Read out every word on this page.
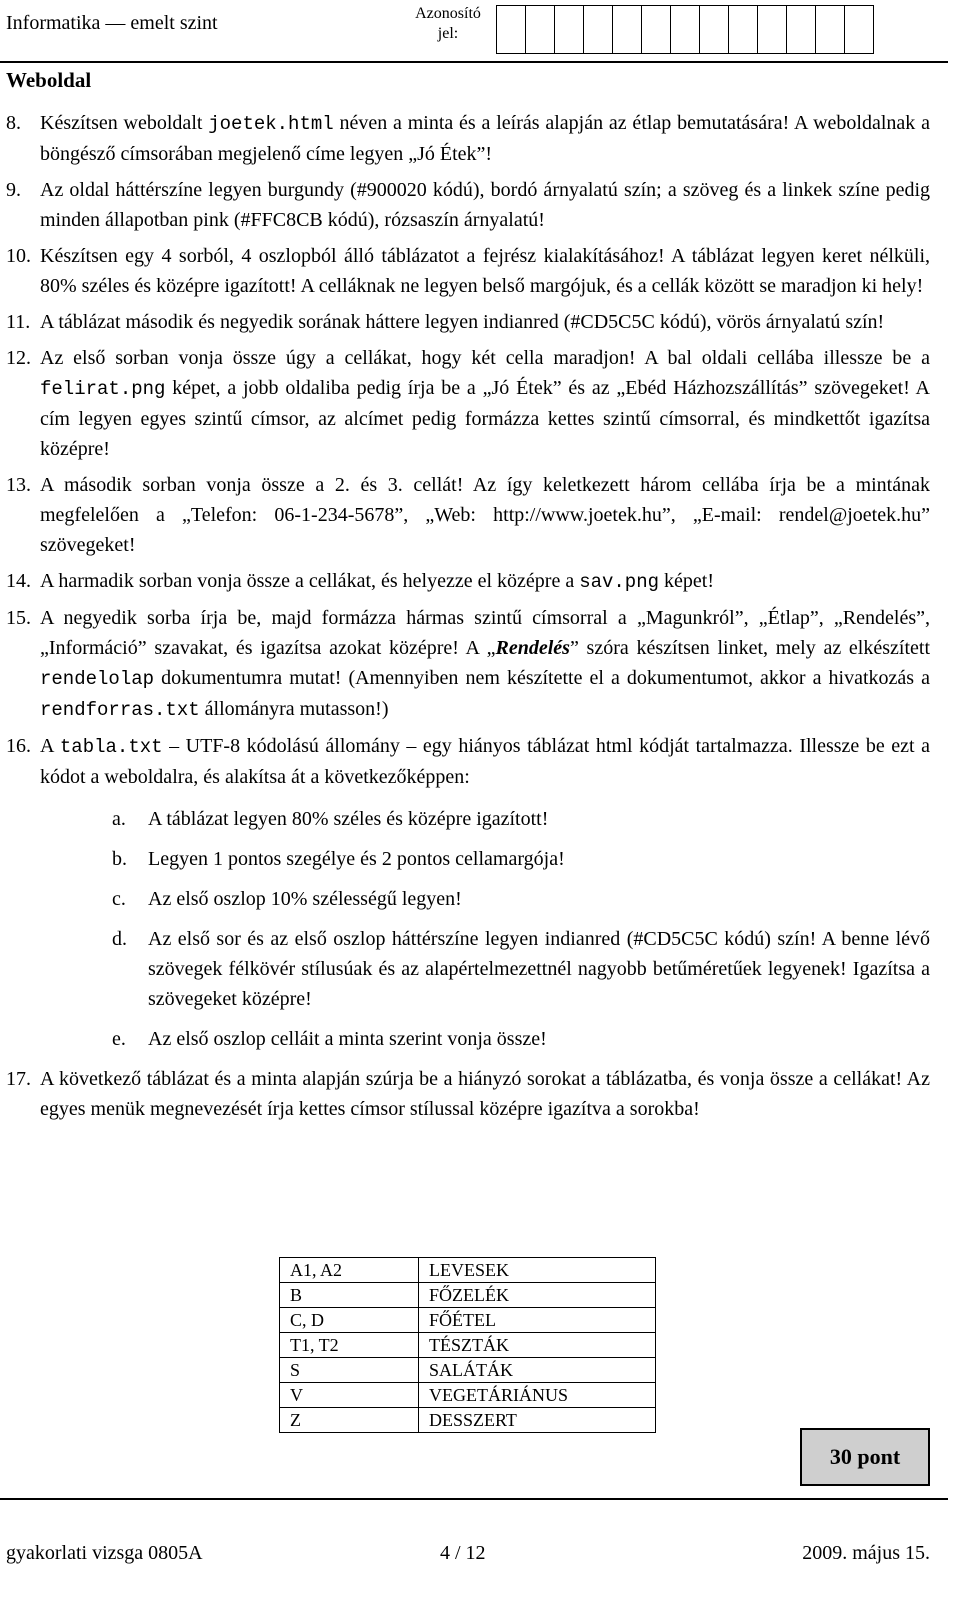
Informatika — emelt szint	Azonosító
jel:
Weboldal
8. Készítsen weboldalt joetek.html néven a minta és a leírás alapján az étlap bemutatására! A weboldalnak a böngésző címsorában megjelenő címe legyen „Jó Étek”!
9. Az oldal háttérszíne legyen burgundy (#900020 kódú), bordó árnyalatú szín; a szöveg és a linkek színe pedig minden állapotban pink (#FFC8CB kódú), rózsaszín árnyalatú!
10. Készítsen egy 4 sorból, 4 oszlopból álló táblázatot a fejrész kialakításához! A táblázat legyen keret nélküli, 80% széles és középre igazított! A celláknak ne legyen belső margójuk, és a cellák között se maradjon ki hely!
11. A táblázat második és negyedik sorának háttere legyen indianred (#CD5C5C kódú), vörös árnyalatú szín!
12. Az első sorban vonja össze úgy a cellákat, hogy két cella maradjon! A bal oldali cellába illessze be a felirat.png képet, a jobb oldaliba pedig írja be a „Jó Étek” és az „Ebéd Házhozszállítás” szövegeket! A cím legyen egyes szintű címsor, az alcímet pedig formázza kettes szintű címsorral, és mindkettőt igazítsa középre!
13. A második sorban vonja össze a 2. és 3. cellát! Az így keletkezett három cellába írja be a mintának megfelelően a „Telefon: 06-1-234-5678”, „Web: http://www.joetek.hu”, „E-mail: rendel@joetek.hu” szövegeket!
14. A harmadik sorban vonja össze a cellákat, és helyezze el középre a sav.png képet!
15. A negyedik sorba írja be, majd formázza hármas szintű címsorral a „Magunkról”, „Étlap”, „Rendelés”, „Információ” szavakat, és igazítsa azokat középre! A „Rendelés” szóra készítsen linket, mely az elkészített rendelolap dokumentumra mutat! (Amennyiben nem készítette el a dokumentumot, akkor a hivatkozás a rendforras.txt állományra mutasson!)
16. A tabla.txt – UTF-8 kódolású állomány – egy hiányos táblázat html kódját tartalmazza. Illessze be ezt a kódot a weboldalra, és alakítsa át a következőképpen:
a.	A táblázat legyen 80% széles és középre igazított!
b.	Legyen 1 pontos szegélye és 2 pontos cellamargója!
c.	Az első oszlop 10% szélességű legyen!
d.	Az első sor és az első oszlop háttérszíne legyen indianred (#CD5C5C kódú) szín! A benne lévő szövegek félkövér stílusúak és az alapértelmezettnél nagyobb betűméretűek legyenek! Igazítsa a szövegeket középre!
e.	Az első oszlop celláit a minta szerint vonja össze!
17. A következő táblázat és a minta alapján szúrja be a hiányzó sorokat a táblázatba, és vonja össze a cellákat! Az egyes menük megnevezését írja kettes címsor stílussal középre igazítva a sorokba!
A1, A2	LEVESEK
B	FŐZELÉK
C, D	FŐÉTEL
T1, T2	TÉSZTÁK
S	SALÁTÁK
V	VEGETÁRIÁNUS
Z	DESSZERT
30 pont
gyakorlati vizsga 0805A	4 / 12	2009. május 15.
